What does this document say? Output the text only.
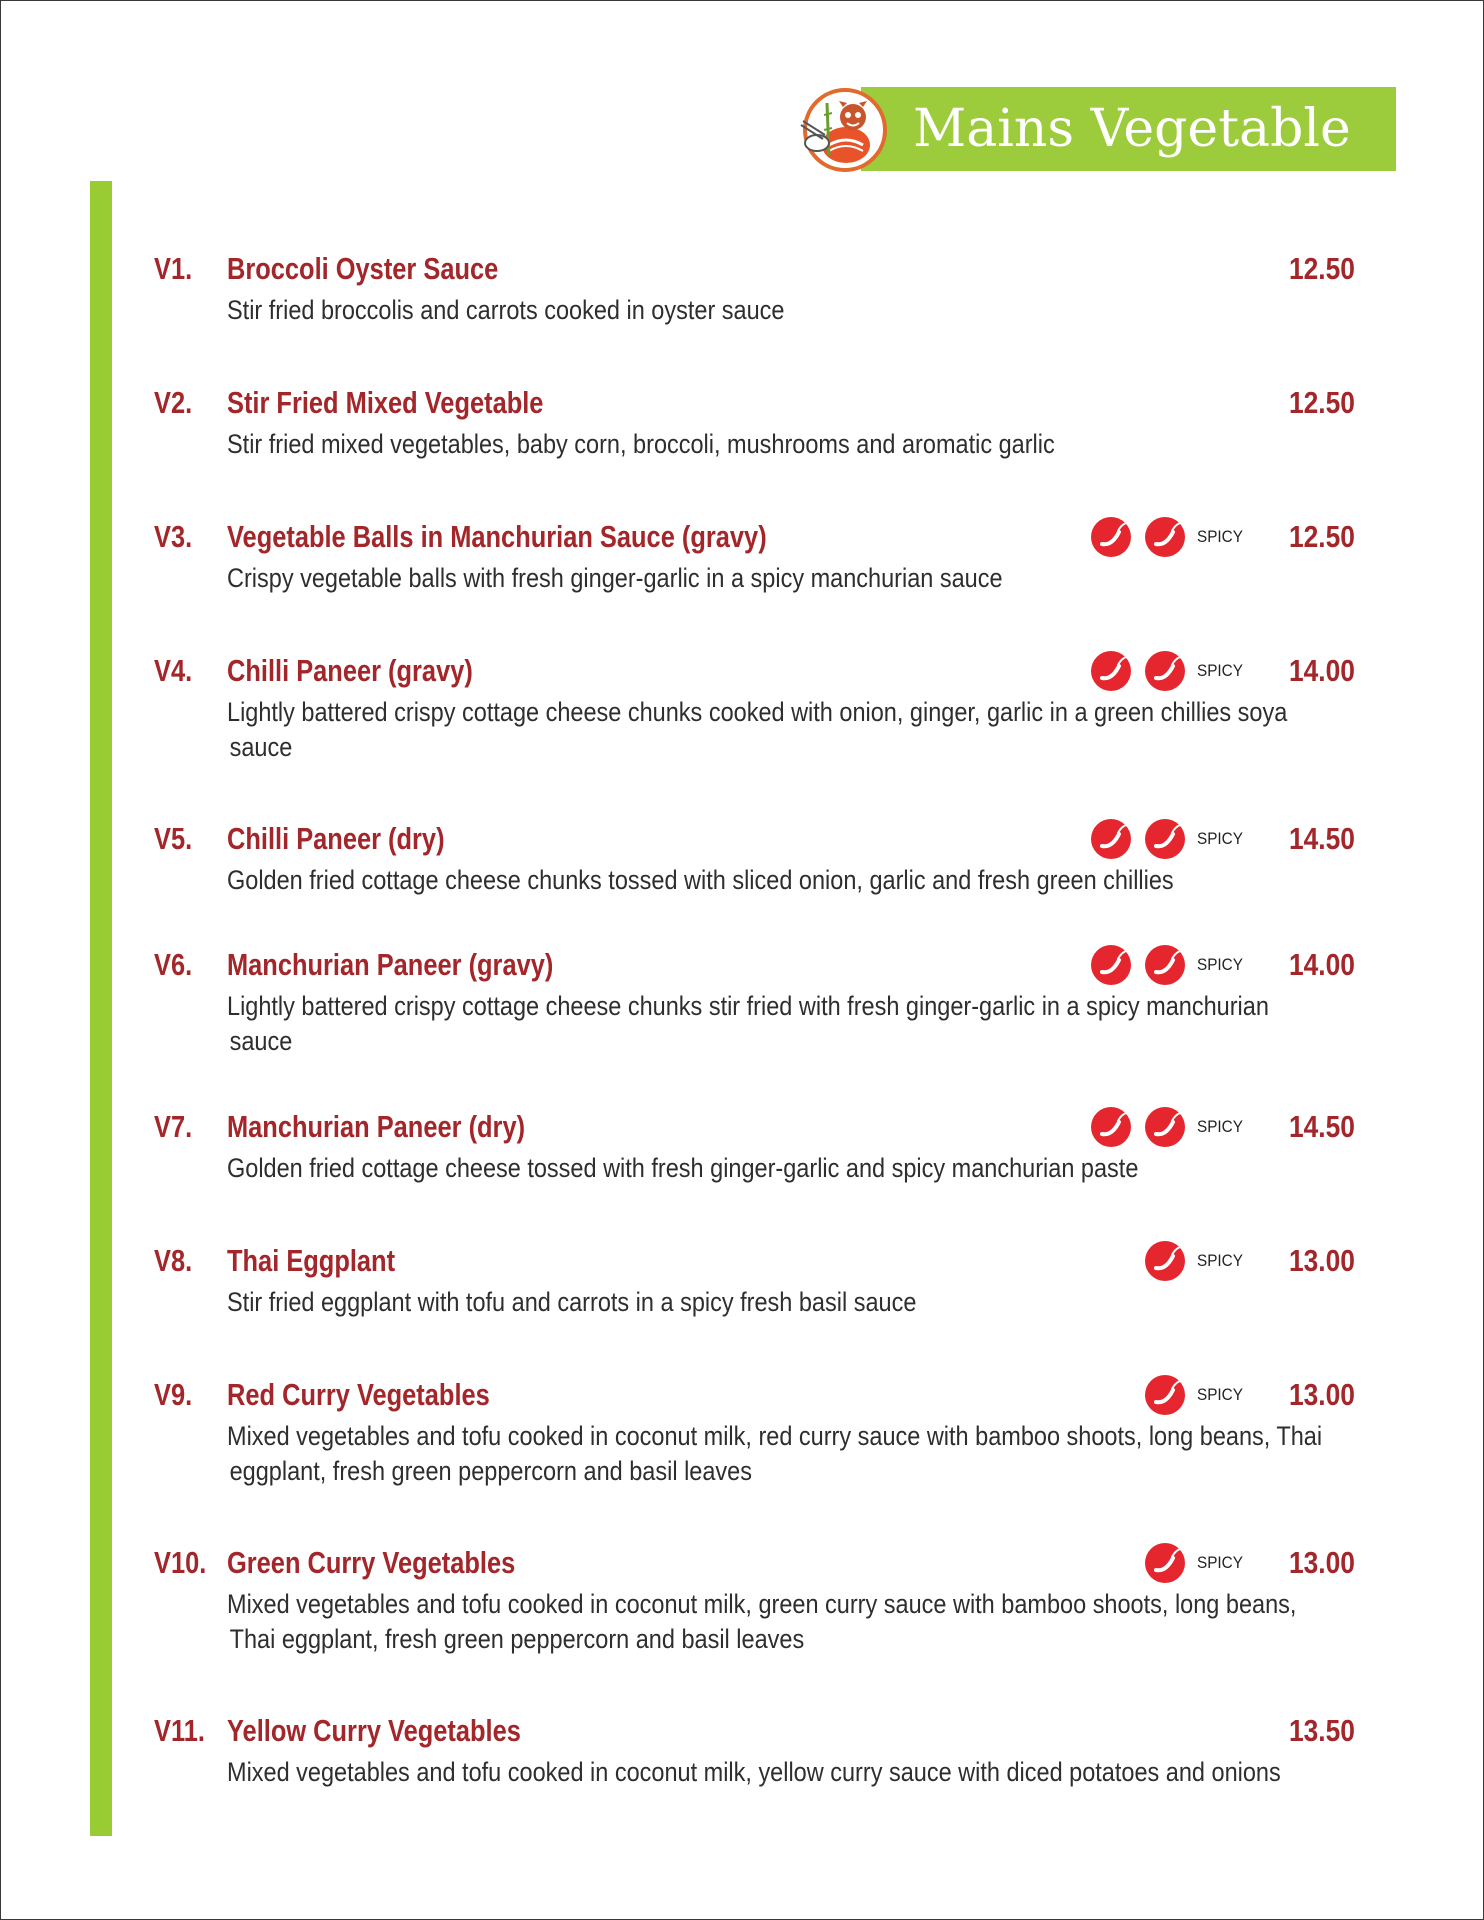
Mains Vegetable
V1. Broccoli Oyster Sauce	12.50
Stir fried broccolis and carrots cooked in oyster sauce
V2. Stir Fried Mixed Vegetable	12.50
Stir fried mixed vegetables, baby corn, broccoli, mushrooms and aromatic garlic
V3. Vegetable Balls in Manchurian Sauce (gravy)	SPICY 12.50
Crispy vegetable balls with fresh ginger-garlic in a spicy manchurian sauce
V4. Chilli Paneer (gravy)	SPICY 14.00
Lightly battered crispy cottage cheese chunks cooked with onion, ginger, garlic in a green chillies soya
sauce
V5. Chilli Paneer (dry)	SPICY 14.50
Golden fried cottage cheese chunks tossed with sliced onion, garlic and fresh green chillies
V6. Manchurian Paneer (gravy)	SPICY 14.00
Lightly battered crispy cottage cheese chunks stir fried with fresh ginger-garlic in a spicy manchurian
sauce
V7. Manchurian Paneer (dry)	SPICY 14.50
Golden fried cottage cheese tossed with fresh ginger-garlic and spicy manchurian paste
V8. Thai Eggplant	SPICY 13.00
Stir fried eggplant with tofu and carrots in a spicy fresh basil sauce
V9. Red Curry Vegetables	SPICY 13.00
Mixed vegetables and tofu cooked in coconut milk, red curry sauce with bamboo shoots, long beans, Thai
eggplant, fresh green peppercorn and basil leaves
V10. Green Curry Vegetables	SPICY 13.00
Mixed vegetables and tofu cooked in coconut milk, green curry sauce with bamboo shoots, long beans,
Thai eggplant, fresh green peppercorn and basil leaves
V11. Yellow Curry Vegetables	13.50
Mixed vegetables and tofu cooked in coconut milk, yellow curry sauce with diced potatoes and onions
